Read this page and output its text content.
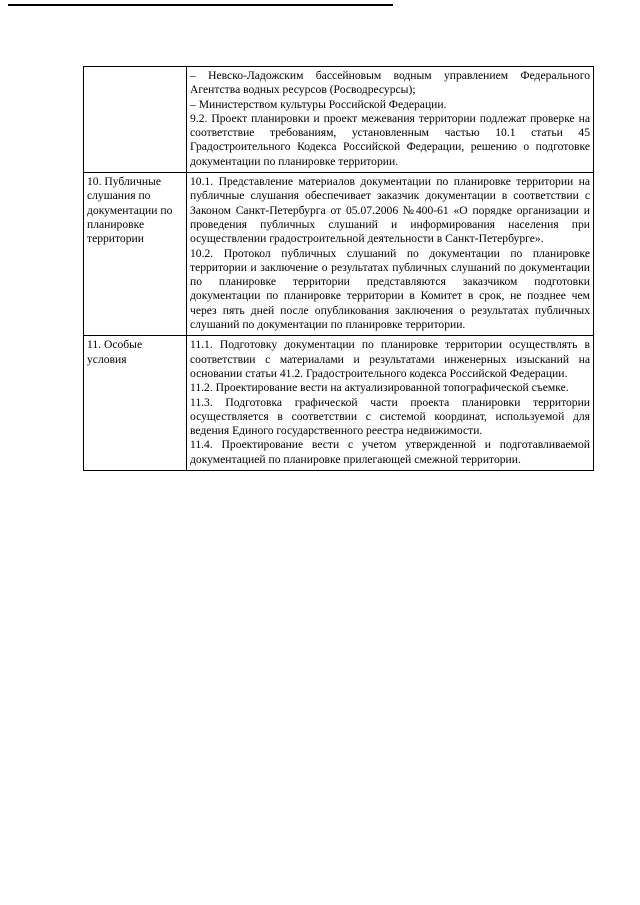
	– Невско-Ладожским бассейновым водным управлением Федерального Агентства водных ресурсов (Росводресурсы);
– Министерством культуры Российской Федерации.
9.2. Проект планировки и проект межевания территории подлежат проверке на соответствие требованиям, установленным частью 10.1 статьи 45 Градостроительного Кодекса Российской Федерации, решению о подготовке документации по планировке территории.

10. Публичные слушания по документации по планировке территории	10.1. Представление материалов документации по планировке территории на публичные слушания обеспечивает заказчик документации в соответствии с Законом Санкт-Петербурга от 05.07.2006 №400-61 «О порядке организации и проведения публичных слушаний и информирования населения при осуществлении градостроительной деятельности в Санкт-Петербурге».
10.2. Протокол публичных слушаний по документации по планировке территории и заключение о результатах публичных слушаний по документации по планировке территории представляются заказчиком подготовки документации по планировке территории в Комитет в срок, не позднее чем через пять дней после опубликования заключения о результатах публичных слушаний по документации по планировке территории.

11. Особые условия	11.1. Подготовку документации по планировке территории осуществлять в соответствии с материалами и результатами инженерных изысканий на основании статьи 41.2. Градостроительного кодекса Российской Федерации.
11.2. Проектирование вести на актуализированной топографической съемке.
11.3. Подготовка графической части проекта планировки территории осуществляется в соответствии с системой координат, используемой для ведения Единого государственного реестра недвижимости.
11.4. Проектирование вести с учетом утвержденной и подготавливаемой документацией по планировке прилегающей смежной территории.
